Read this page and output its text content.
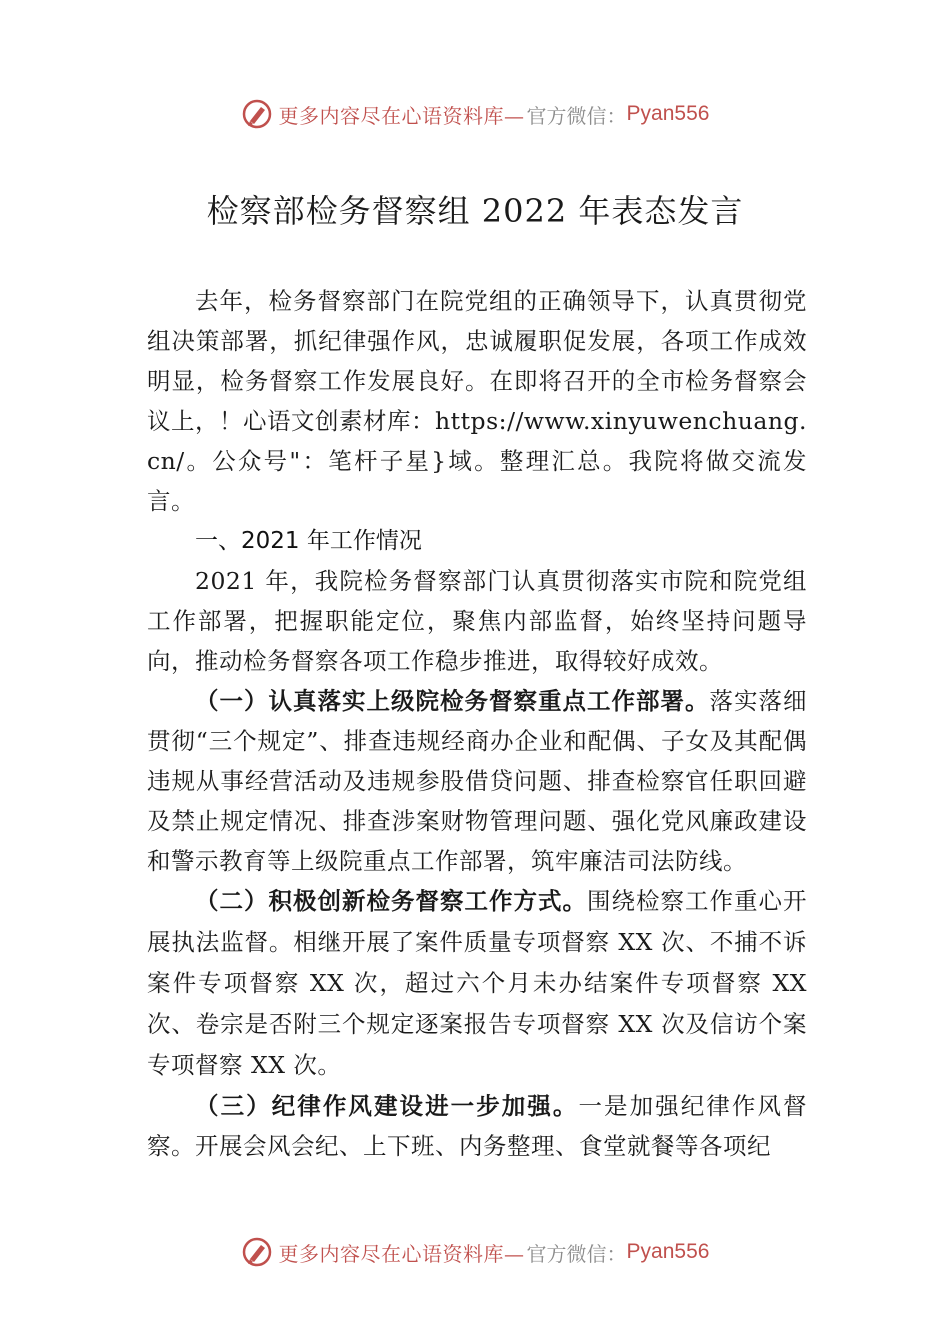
更多内容尽在心语资料库— 官方微信： Pyan556
检察部检务督察组 2022 年表态发言

去年，检务督察部门在院党组的正确领导下，认真贯彻党组决策部署，抓纪律强作风，忠诚履职促发展，各项工作成效明显，检务督察工作发展良好。在即将召开的全市检务督察会议上，！心语文创素材库：https://www.xinyuwenchuang.cn/。公众号"：笔杆子星}域。整理汇总。我院将做交流发言。

一、2021 年工作情况

2021 年，我院检务督察部门认真贯彻落实市院和院党组工作部署，把握职能定位，聚焦内部监督，始终坚持问题导向，推动检务督察各项工作稳步推进，取得较好成效。

（一）认真落实上级院检务督察重点工作部署。落实落细贯彻“三个规定”、排查违规经商办企业和配偶、子女及其配偶违规从事经营活动及违规参股借贷问题、排查检察官任职回避及禁止规定情况、排查涉案财物管理问题、强化党风廉政建设和警示教育等上级院重点工作部署，筑牢廉洁司法防线。

（二）积极创新检务督察工作方式。围绕检察工作重心开展执法监督。相继开展了案件质量专项督察 XX 次、不捕不诉案件专项督察 XX 次，超过六个月未办结案件专项督察 XX 次、卷宗是否附三个规定逐案报告专项督察 XX 次及信访个案专项督察 XX 次。

（三）纪律作风建设进一步加强。一是加强纪律作风督察。开展会风会纪、上下班、内务整理、食堂就餐等各项纪

更多内容尽在心语资料库— 官方微信： Pyan556
